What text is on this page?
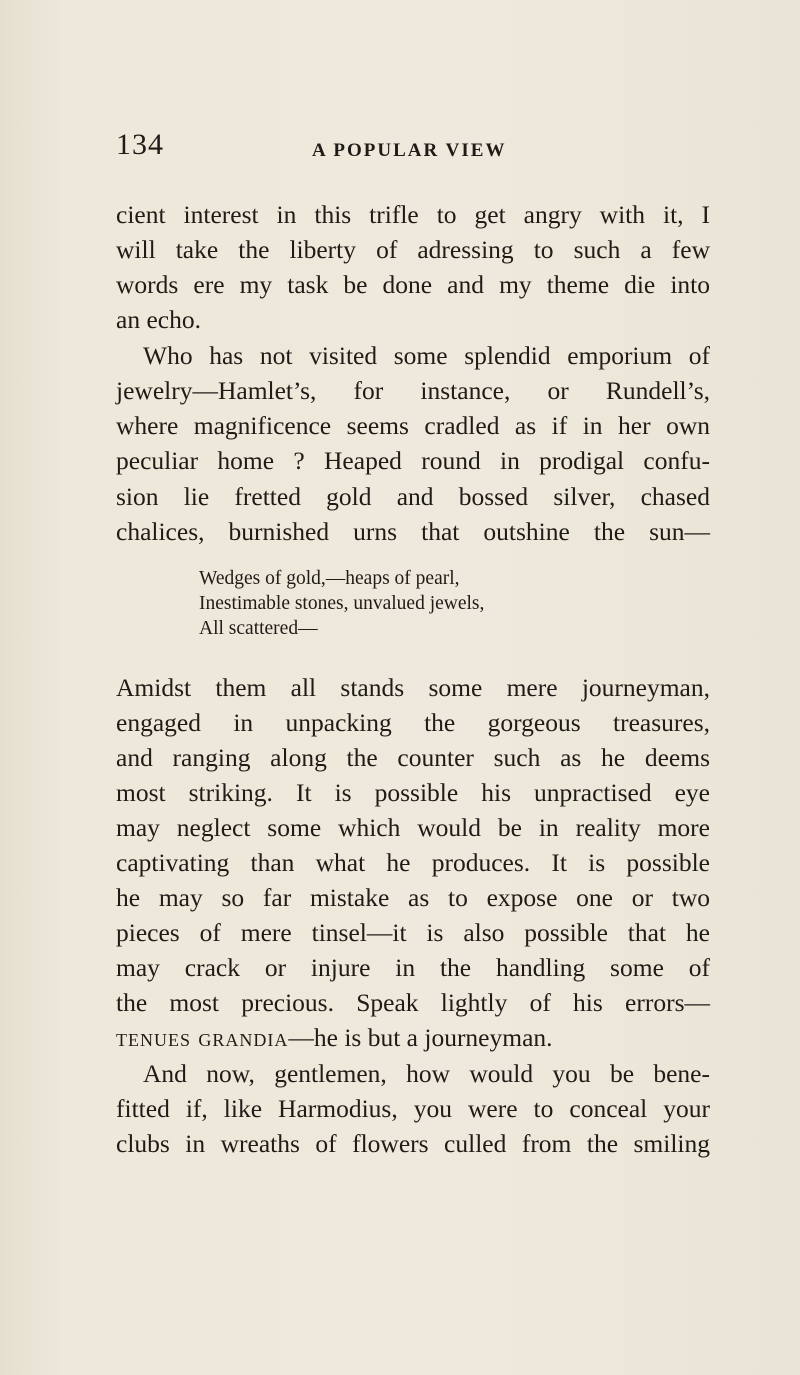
134	A POPULAR VIEW
cient interest in this trifle to get angry with it, I
will take the liberty of adressing to such a few
words ere my task be done and my theme die into
an echo.
Who has not visited some splendid emporium of
jewelry—Hamlet’s, for instance, or Rundell’s,
where magnificence seems cradled as if in her own
peculiar home ? Heaped round in prodigal confu-
sion lie fretted gold and bossed silver, chased
chalices, burnished urns that outshine the sun—
Wedges of gold,—heaps of pearl,
Inestimable stones, unvalued jewels,
All scattered—
Amidst them all stands some mere journeyman,
engaged in unpacking the gorgeous treasures,
and ranging along the counter such as he deems
most striking. It is possible his unpractised eye
may neglect some which would be in reality more
captivating than what he produces. It is possible
he may so far mistake as to expose one or two
pieces of mere tinsel—it is also possible that he
may crack or injure in the handling some of
the most precious. Speak lightly of his errors—
tenues grandia—he is but a journeyman.
And now, gentlemen, how would you be bene-
fitted if, like Harmodius, you were to conceal your
clubs in wreaths of flowers culled from the smiling
